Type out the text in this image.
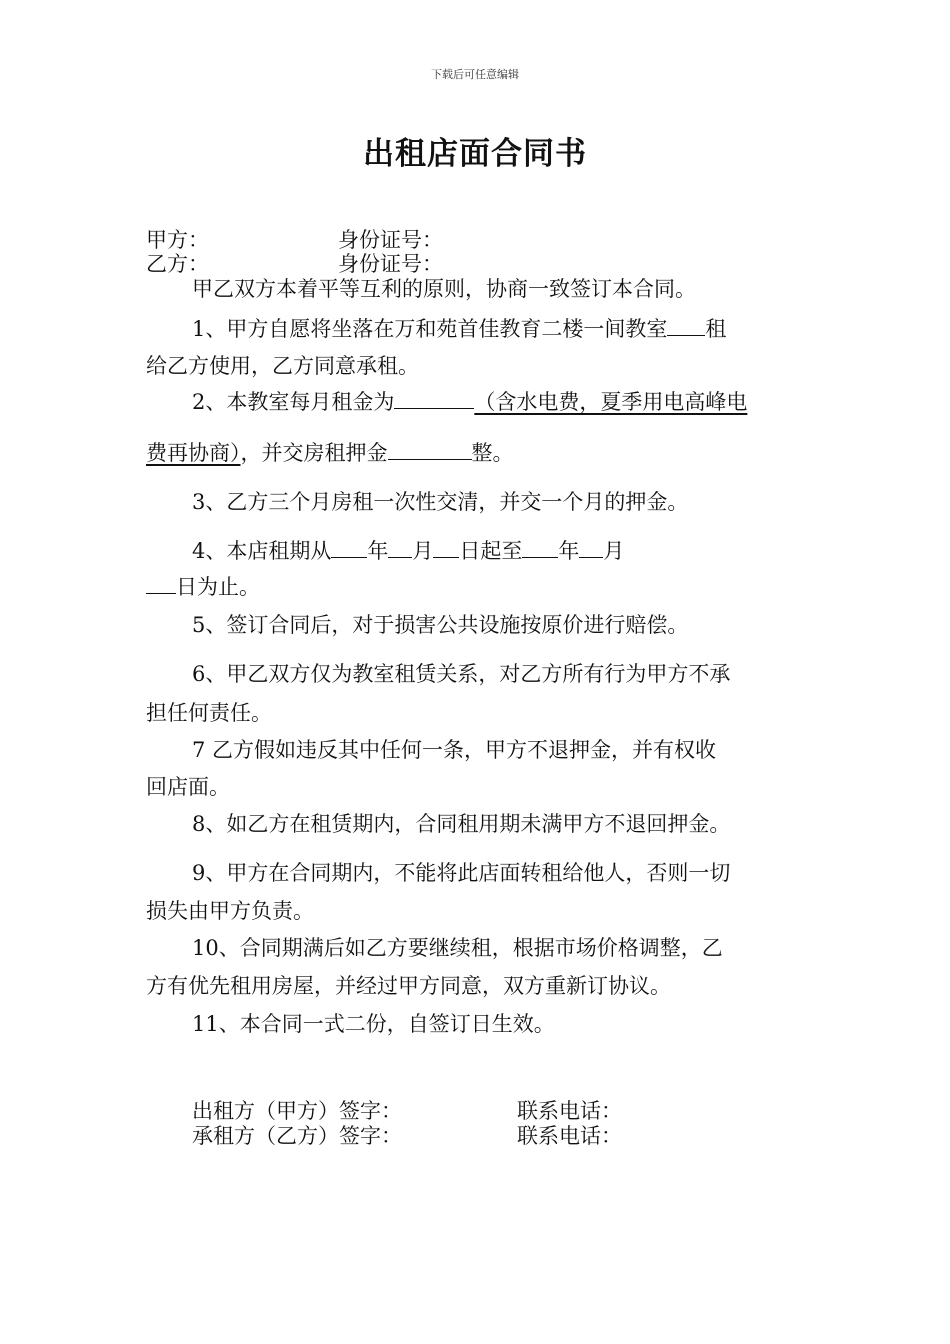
下载后可任意编辑
出租店面合同书
甲方：	身份证号：
乙方：	身份证号：
甲乙双方本着平等互利的原则，协商一致签订本合同。
1、甲方自愿将坐落在万和苑首佳教育二楼一间教室 租
给乙方使用，乙方同意承租。
2、本教室每月租金为	（含水电费，夏季用电高峰电
费再协商），并交房租押金	整。
3、乙方三个月房租一次性交清，并交一个月的押金。
4、本店租期从 年 月 日起至 年 月
日为止。
5、签订合同后，对于损害公共设施按原价进行赔偿。
6、甲乙双方仅为教室租赁关系，对乙方所有行为甲方不承
担任何责任。
7 乙方假如违反其中任何一条，甲方不退押金，并有权收
回店面。
8、如乙方在租赁期内，合同租用期未满甲方不退回押金。
9、甲方在合同期内，不能将此店面转租给他人，否则一切
损失由甲方负责。
10、合同期满后如乙方要继续租，根据市场价格调整，乙
方有优先租用房屋，并经过甲方同意，双方重新订协议。
11、本合同一式二份，自签订日生效。
出租方（甲方）签字：	联系电话：
承租方（乙方）签字：	联系电话：
